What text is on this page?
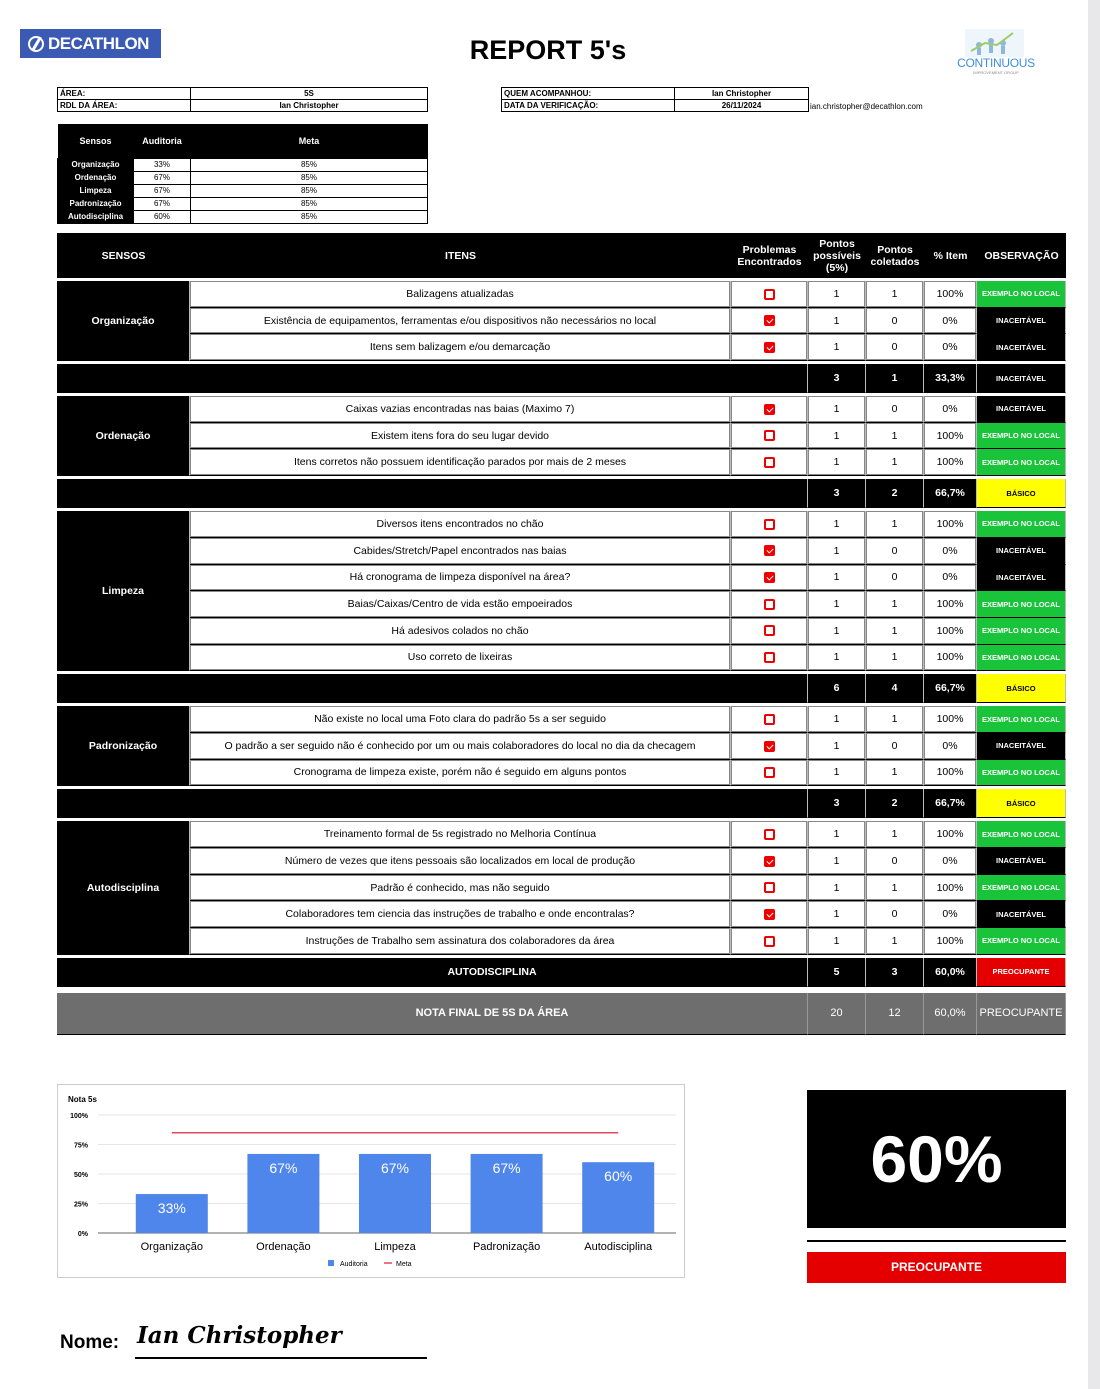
DECATHLON	REPORT 5's	CONTINUOUS
IMPROVEMENT GROUP
ÁREA:	5S
RDL DA ÁREA:	Ian Christopher
QUEM ACOMPANHOU:	Ian Christopher
DATA DA VERIFICAÇÃO:	26/11/2024	ian.christopher@decathlon.com
Sensos	Auditoria	Meta
Organização	33%	85%
Ordenação	67%	85%
Limpeza	67%	85%
Padronização	67%	85%
Autodisciplina	60%	85%
SENSOS	ITENS	Problemas Encontrados	Pontos possíveis (5%)	Pontos coletados	% Item	OBSERVAÇÃO

Organização	Balizagens atualizadas		1	1	100%	EXEMPLO NO LOCAL
	Existência de equipamentos, ferramentas e/ou dispositivos não necessários no local		1	0	0%	INACEITÁVEL
	Itens sem balizagem e/ou demarcação		1	0	0%	INACEITÁVEL

			3	1	33,3%	INACEITÁVEL

Ordenação	Caixas vazias encontradas nas baias (Maximo 7)		1	0	0%	INACEITÁVEL
	Existem itens fora do seu lugar devido		1	1	100%	EXEMPLO NO LOCAL
	Itens corretos não possuem identificação parados por mais de 2 meses		1	1	100%	EXEMPLO NO LOCAL

			3	2	66,7%	BÁSICO

Limpeza	Diversos itens encontrados no chão		1	1	100%	EXEMPLO NO LOCAL
	Cabides/Stretch/Papel encontrados nas baias		1	0	0%	INACEITÁVEL
	Há cronograma de limpeza disponível na área?		1	0	0%	INACEITÁVEL
	Baias/Caixas/Centro de vida estão empoeirados		1	1	100%	EXEMPLO NO LOCAL
	Há adesivos colados no chão		1	1	100%	EXEMPLO NO LOCAL
	Uso correto de lixeiras		1	1	100%	EXEMPLO NO LOCAL

			6	4	66,7%	BÁSICO

Padronização	Não existe no local uma Foto clara do padrão 5s a ser seguido		1	1	100%	EXEMPLO NO LOCAL
	O padrão a ser seguido não é conhecido por um ou mais colaboradores do local no dia da checagem		1	0	0%	INACEITÁVEL
	Cronograma de limpeza existe, porém não é seguido em alguns pontos		1	1	100%	EXEMPLO NO LOCAL

			3	2	66,7%	BÁSICO

Autodisciplina	Treinamento formal de 5s registrado no Melhoria Contínua		1	1	100%	EXEMPLO NO LOCAL
	Número de vezes que itens pessoais são localizados em local de produção		1	0	0%	INACEITÁVEL
	Padrão é conhecido, mas não seguido		1	1	100%	EXEMPLO NO LOCAL
	Colaboradores tem ciencia das instruções de trabalho e onde encontralas?		1	0	0%	INACEITÁVEL
	Instruções de Trabalho sem assinatura dos colaboradores da área		1	1	100%	EXEMPLO NO LOCAL

AUTODISCIPLINA			5	3	60,0%	PREOCUPANTE

NOTA FINAL DE 5S DA ÁREA			20	12	60,0%	PREOCUPANTE
Nota 5s
100%
75%
50%
25%
0%
33%
Organização
67%
Ordenação
67%
Limpeza
67%
Padronização
60%
Autodisciplina
Auditoria	Meta
60%
PREOCUPANTE
Nome: Ian Christopher
